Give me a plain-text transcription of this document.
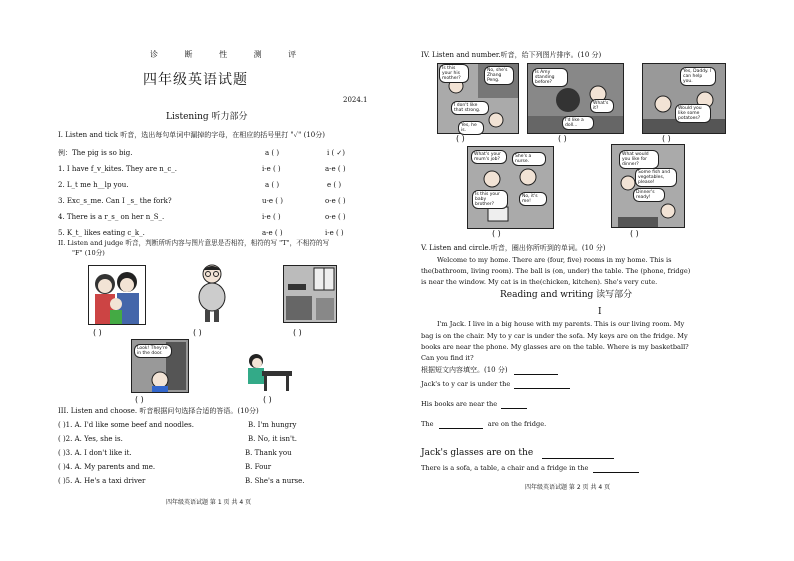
诊 断 性 测 评
四年级英语试题
2024.1
Listening 听力部分
I. Listen and tick 听音，选出每句单词中漏掉的字母，在相应的括号里打 "✓" (10分)
例：The pig is so big.	a ( )	i ( ✓)
1. I have f_v_kites. They are n_c_.	i-e ( )	a-e ( )
2. L_t me h__lp you.	a ( )	e ( )
3. Exc_s_me. Can I _s_ the fork?	u-e ( )	o-e ( )
4. There is a r_s_ on her n_S_.	i-e ( )	o-e ( )
5. K_t_ likes eating c_k_.	a-e ( )	i-e ( )
II. Listen and judge 听音，判断所听内容与图片意思是否相符，相符的写 "T"，不相符的写
"F" (10分)
( )	( )	( )
Look! They're in the door.
( )	( )
III. Listen and choose. 听音根据问句选择合适的答语。(10分)
( )1. A. I'd like some beef and noodles.	B. I'm hungry
( )2. A. Yes, she is.	B. No, it isn't.
( )3. A. I don't like it.	B. Thank you
( )4. A. My parents and me.	B. Four
( )5. A. He's a taxi driver	B. She's a nurse.
四年级英语试题 第 1 页 共 4 页
IV. Listen and number.听音，给下列图片排序。(10 分)
Is this your his mother?
No, she's Zhang Peng.
I don't like that strong.
Yes, he is.
Is Amy standing before?
What's it?
I'd like a doll...
Yes, Daddy. I can help you.
Would you like some potatoes?
( )	( )	( )
What's your mum's job?
She's a nurse.
Is this your baby brother?
No, it's me!
What would you like for dinner?
Some fish and vegetables, please!
Dinner's ready!
( )	( )
V. Listen and circle.听音，圈出你所听到的单词。(10 分)
Welcome to my home. There are (four, five) rooms in my home. This is
the(bathroom, living room). The ball is (on, under) the table. The (phone, fridge)
is near the window. My cat is in the(chicken, kitchen). She's very cute.
Reading and writing 读写部分
I
I'm Jack. I live in a big house with my parents. This is our living room. My
bag is on the chair. My to y car is under the sofa. My keys are on the fridge. My
books are near the phone. My glasses are on the table. Where is my basketball?
Can you find it?
根据短文内容填空。(10 分)
Jack's to y car is under the
His books are near the
The	are on the fridge.
Jack's glasses are on the
There is a sofa, a table, a chair and a fridge in the
四年级英语试题 第 2 页 共 4 页
